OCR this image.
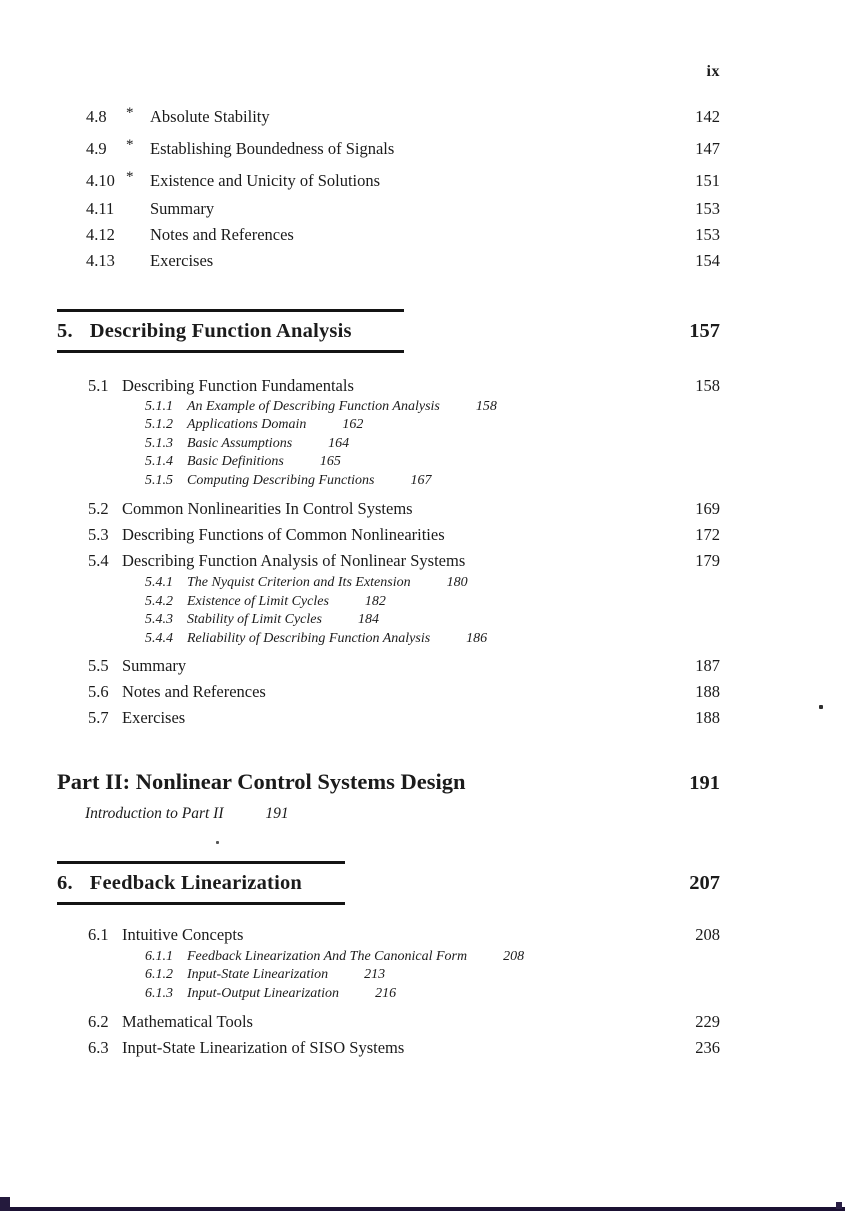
ix
4.8	*	Absolute Stability	142
4.9	*	Establishing Boundedness of Signals	147
4.10 *	Existence and Unicity of Solutions	151
4.11	Summary	153
4.12	Notes and References	153
4.13	Exercises	154
5. Describing Function Analysis	157
5.1 Describing Function Fundamentals	158
5.1.1	An Example of Describing Function Analysis	158
5.1.2	Applications Domain	162
5.1.3	Basic Assumptions	164
5.1.4	Basic Definitions	165
5.1.5	Computing Describing Functions	167
5.2 Common Nonlinearities In Control Systems	169
5.3 Describing Functions of Common Nonlinearities	172
5.4 Describing Function Analysis of Nonlinear Systems	179
5.4.1	The Nyquist Criterion and Its Extension	180
5.4.2	Existence of Limit Cycles	182
5.4.3	Stability of Limit Cycles	184
5.4.4	Reliability of Describing Function Analysis	186
5.5 Summary	187
5.6 Notes and References	188
5.7 Exercises	188
Part II: Nonlinear Control Systems Design	191
Introduction to Part II	191
6. Feedback Linearization	207
6.1 Intuitive Concepts	208
6.1.1	Feedback Linearization And The Canonical Form	208
6.1.2	Input-State Linearization	213
6.1.3	Input-Output Linearization	216
6.2 Mathematical Tools	229
6.3 Input-State Linearization of SISO Systems	236
